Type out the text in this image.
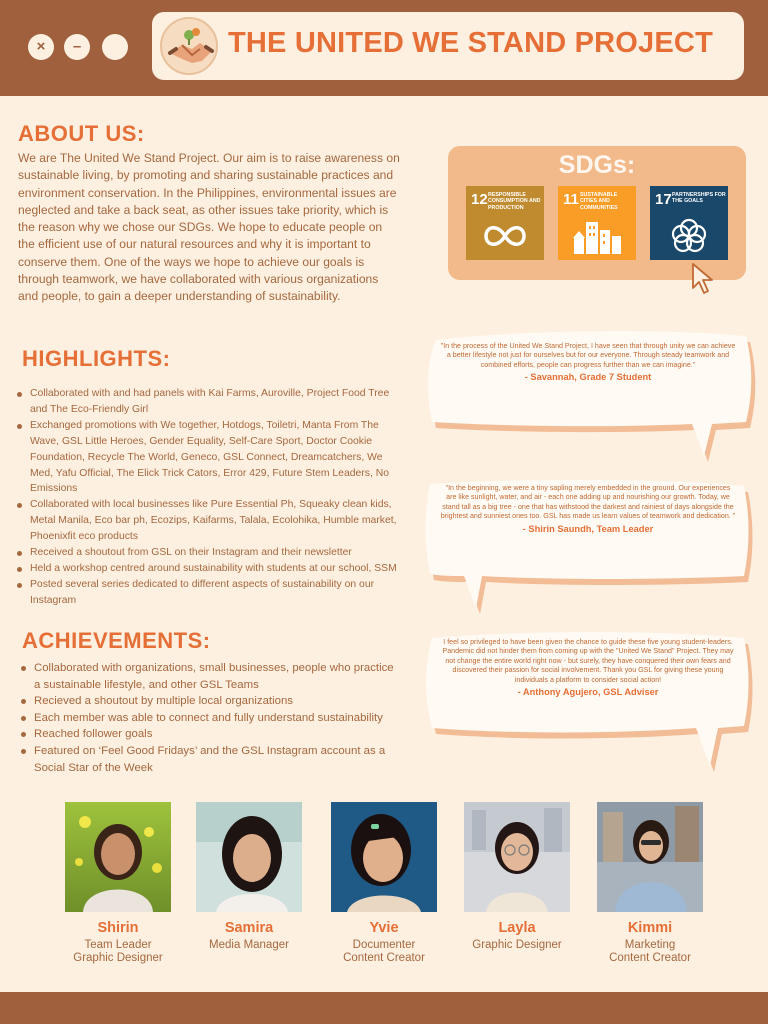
×	–	THE UNITED WE STAND PROJECT
ABOUT US:
We are The United We Stand Project. Our aim is to raise awareness on sustainable living, by promoting and sharing sustainable practices and environment conservation. In the Philippines, environmental issues are neglected and take a back seat, as other issues take priority, which is the reason why we chose our SDGs. We hope to educate people on the efficient use of our natural resources and why it is important to conserve them. One of the ways we hope to achieve our goals is through teamwork, we have collaborated with various organizations and people, to gain a deeper understanding of sustainability.
SDGs:
12 RESPONSIBLE CONSUMPTION AND PRODUCTION	11 SUSTAINABLE CITIES AND COMMUNITIES	17 PARTNERSHIPS FOR THE GOALS
HIGHLIGHTS:
Collaborated with and had panels with Kai Farms, Auroville, Project Food Tree and The Eco-Friendly Girl
Exchanged promotions with We together, Hotdogs, Toiletri, Manta From The Wave, GSL Little Heroes, Gender Equality, Self-Care Sport, Doctor Cookie Foundation, Recycle The World, Geneco, GSL Connect, Dreamcatchers, We Med, Yafu Official, The Elick Trick Cators, Error 429, Future Stem Leaders, No Emissions
Collaborated with local businesses like Pure Essential Ph, Squeaky clean kids, Metal Manila, Eco bar ph, Ecozips, Kaifarms, Talala, Ecolohika, Humble market, Phoenixfit eco products
Received a shoutout from GSL on their Instagram and their newsletter
Held a workshop centred around sustainability with students at our school, SSM
Posted several series dedicated to different aspects of sustainability on our Instagram
ACHIEVEMENTS:
Collaborated with organizations, small businesses, people who practice a sustainable lifestyle, and other GSL Teams
Recieved a shoutout by multiple local organizations
Each member was able to connect and fully understand sustainability
Reached follower goals
Featured on ‘Feel Good Fridays’ and the GSL Instagram account as a Social Star of the Week
"In the process of the United We Stand Project, I have seen that through unity we can achieve a better lifestyle not just for ourselves but for our everyone. Through steady teamwork and combined efforts, people can progress further than we can imagine."
- Savannah, Grade 7 Student
"In the beginning, we were a tiny sapling merely embedded in the ground. Our experiences are like sunlight, water, and air - each one adding up and nourishing our growth. Today, we stand tall as a big tree - one that has withstood the darkest and rainiest of days alongside the brightest and sunniest ones too. GSL has made us learn values of teamwork and dedication. "
- Shirin Saundh, Team Leader
I feel so privileged to have been given the chance to guide these five young student-leaders. Pandemic did not hinder them from coming up with the "United We Stand" Project. They may not change the entire world right now - but surely, they have conquered their own fears and discovered their passion for social involvement. Thank you GSL for giving these young individuals a platform to consider social action!
- Anthony Agujero, GSL Adviser
Shirin
Team Leader
Graphic Designer
Samira
Media Manager
Yvie
Documenter
Content Creator
Layla
Graphic Designer
Kimmi
Marketing
Content Creator
